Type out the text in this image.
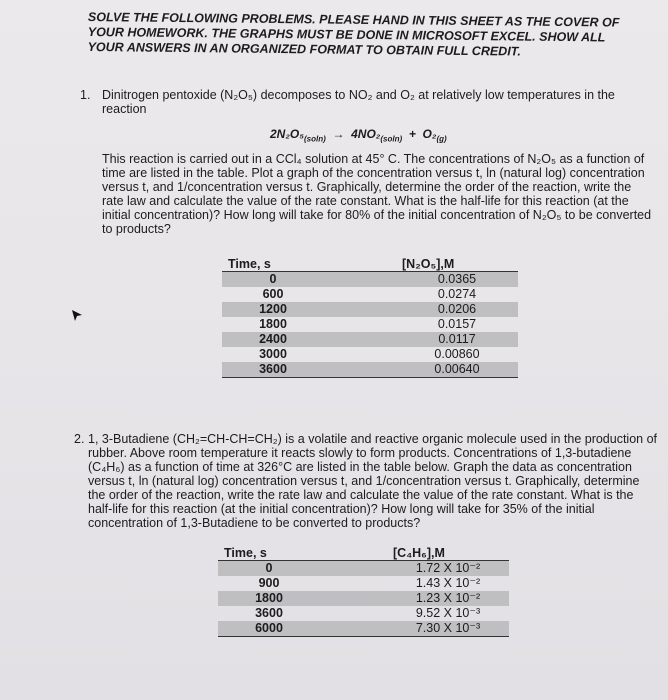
SOLVE THE FOLLOWING PROBLEMS. PLEASE HAND IN THIS SHEET AS THE COVER OF
YOUR HOMEWORK. THE GRAPHS MUST BE DONE IN MICROSOFT EXCEL. SHOW ALL
YOUR ANSWERS IN AN ORGANIZED FORMAT TO OBTAIN FULL CREDIT.
1. Dinitrogen pentoxide (N₂O₅) decomposes to NO₂ and O₂ at relatively low temperatures in the reaction
$2N_2O_5_{(soln)} \to 4NO_2_{(soln)} + O_2_{(g)}$
This reaction is carried out in a CCl₄ solution at 45° C. The concentrations of N₂O₅ as a function of time are listed in the table. Plot a graph of the concentration versus t, ln (natural log) concentration versus t, and 1/concentration versus t. Graphically, determine the order of the reaction, write the rate law and calculate the value of the rate constant. What is the half-life for this reaction (at the initial concentration)? How long will take for 80% of the initial concentration of N₂O₅ to be converted to products?
Time, s		[N₂O₅],M
0		0.0365
600		0.0274
1200		0.0206
1800		0.0157
2400		0.0117
3000		0.00860
3600		0.00640
2. 1, 3-Butadiene (CH₂=CH-CH=CH₂) is a volatile and reactive organic molecule used in the production of rubber. Above room temperature it reacts slowly to form products. Concentrations of 1,3-butadiene (C₄H₆) as a function of time at 326°C are listed in the table below. Graph the data as concentration versus t, ln (natural log) concentration versus t, and 1/concentration versus t. Graphically, determine the order of the reaction, write the rate law and calculate the value of the rate constant. What is the half-life for this reaction (at the initial concentration)? How long will take for 35% of the initial concentration of 1,3-Butadiene to be converted to products?
Time, s		[C₄H₆],M
0		1.72 X 10⁻²
900		1.43 X 10⁻²
1800		1.23 X 10⁻²
3600		9.52 X 10⁻³
6000		7.30 X 10⁻³
